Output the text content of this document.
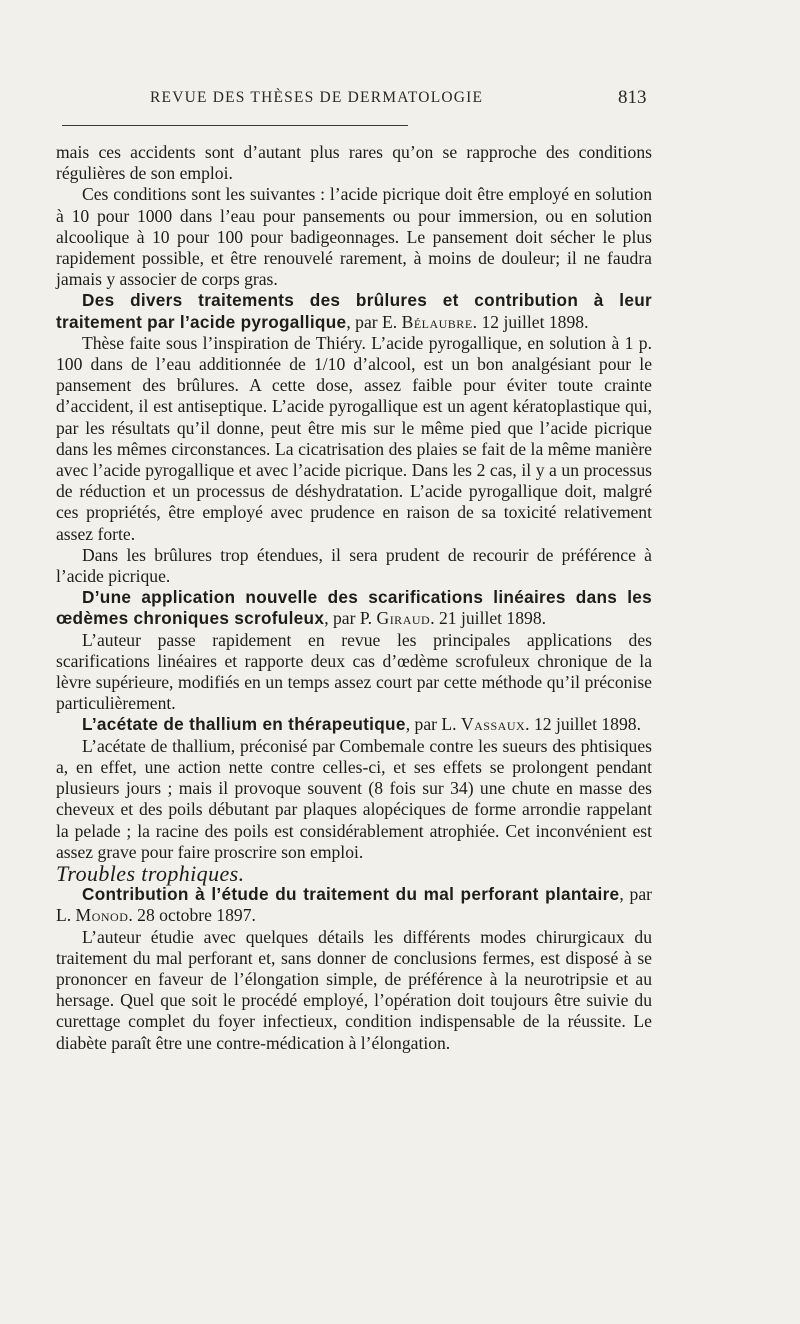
REVUE DES THÈSES DE DERMATOLOGIE	813

mais ces accidents sont d’autant plus rares qu’on se rapproche des conditions régulières de son emploi.

Ces conditions sont les suivantes : l’acide picrique doit être employé en solution à 10 pour 1000 dans l’eau pour pansements ou pour immersion, ou en solution alcoolique à 10 pour 100 pour badigeonnages. Le pansement doit sécher le plus rapidement possible, et être renouvelé rarement, à moins de douleur; il ne faudra jamais y associer de corps gras.

Des divers traitements des brûlures et contribution à leur traitement par l’acide pyrogallique, par E. Bélaubre. 12 juillet 1898.

Thèse faite sous l’inspiration de Thiéry. L’acide pyrogallique, en solution à 1 p. 100 dans de l’eau additionnée de 1/10 d’alcool, est un bon analgésiant pour le pansement des brûlures. A cette dose, assez faible pour éviter toute crainte d’accident, il est antiseptique. L’acide pyrogallique est un agent kératoplastique qui, par les résultats qu’il donne, peut être mis sur le même pied que l’acide picrique dans les mêmes circonstances. La cicatrisation des plaies se fait de la même manière avec l’acide pyrogallique et avec l’acide picrique. Dans les 2 cas, il y a un processus de réduction et un processus de déshydratation. L’acide pyrogallique doit, malgré ces propriétés, être employé avec prudence en raison de sa toxicité relativement assez forte.

Dans les brûlures trop étendues, il sera prudent de recourir de préférence à l’acide picrique.

D’une application nouvelle des scarifications linéaires dans les œdèmes chroniques scrofuleux, par P. Giraud. 21 juillet 1898.

L’auteur passe rapidement en revue les principales applications des scarifications linéaires et rapporte deux cas d’œdème scrofuleux chronique de la lèvre supérieure, modifiés en un temps assez court par cette méthode qu’il préconise particulièrement.

L’acétate de thallium en thérapeutique, par L. Vassaux. 12 juillet 1898.

L’acétate de thallium, préconisé par Combemale contre les sueurs des phtisiques a, en effet, une action nette contre celles-ci, et ses effets se prolongent pendant plusieurs jours ; mais il provoque souvent (8 fois sur 34) une chute en masse des cheveux et des poils débutant par plaques alopéciques de forme arrondie rappelant la pelade ; la racine des poils est considérablement atrophiée. Cet inconvénient est assez grave pour faire proscrire son emploi.

Troubles trophiques.

Contribution à l’étude du traitement du mal perforant plantaire, par L. Monod. 28 octobre 1897.

L’auteur étudie avec quelques détails les différents modes chirurgicaux du traitement du mal perforant et, sans donner de conclusions fermes, est disposé à se prononcer en faveur de l’élongation simple, de préférence à la neurotripsie et au hersage. Quel que soit le procédé employé, l’opération doit toujours être suivie du curettage complet du foyer infectieux, condition indispensable de la réussite. Le diabète paraît être une contre-médication à l’élongation.
